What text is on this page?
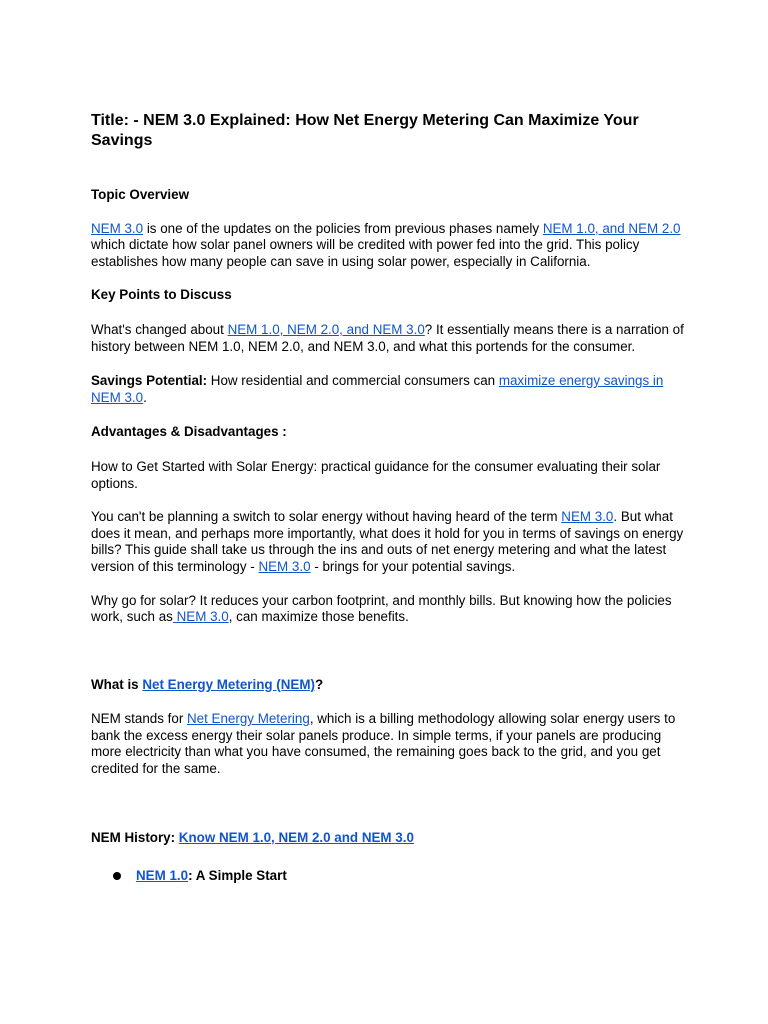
Title: - NEM 3.0 Explained: How Net Energy Metering Can Maximize Your Savings

Topic Overview

NEM 3.0 is one of the updates on the policies from previous phases namely NEM 1.0, and NEM 2.0 which dictate how solar panel owners will be credited with power fed into the grid. This policy establishes how many people can save in using solar power, especially in California.

Key Points to Discuss

What's changed about NEM 1.0, NEM 2.0, and NEM 3.0? It essentially means there is a narration of history between NEM 1.0, NEM 2.0, and NEM 3.0, and what this portends for the consumer.

Savings Potential: How residential and commercial consumers can maximize energy savings in NEM 3.0.

Advantages & Disadvantages :

How to Get Started with Solar Energy: practical guidance for the consumer evaluating their solar options.

You can't be planning a switch to solar energy without having heard of the term NEM 3.0. But what does it mean, and perhaps more importantly, what does it hold for you in terms of savings on energy bills? This guide shall take us through the ins and outs of net energy metering and what the latest version of this terminology - NEM 3.0 - brings for your potential savings.

Why go for solar? It reduces your carbon footprint, and monthly bills. But knowing how the policies work, such as NEM 3.0, can maximize those benefits.

What is Net Energy Metering (NEM)?

NEM stands for Net Energy Metering, which is a billing methodology allowing solar energy users to bank the excess energy their solar panels produce. In simple terms, if your panels are producing more electricity than what you have consumed, the remaining goes back to the grid, and you get credited for the same.

NEM History: Know NEM 1.0, NEM 2.0 and NEM 3.0

NEM 1.0: A Simple Start
